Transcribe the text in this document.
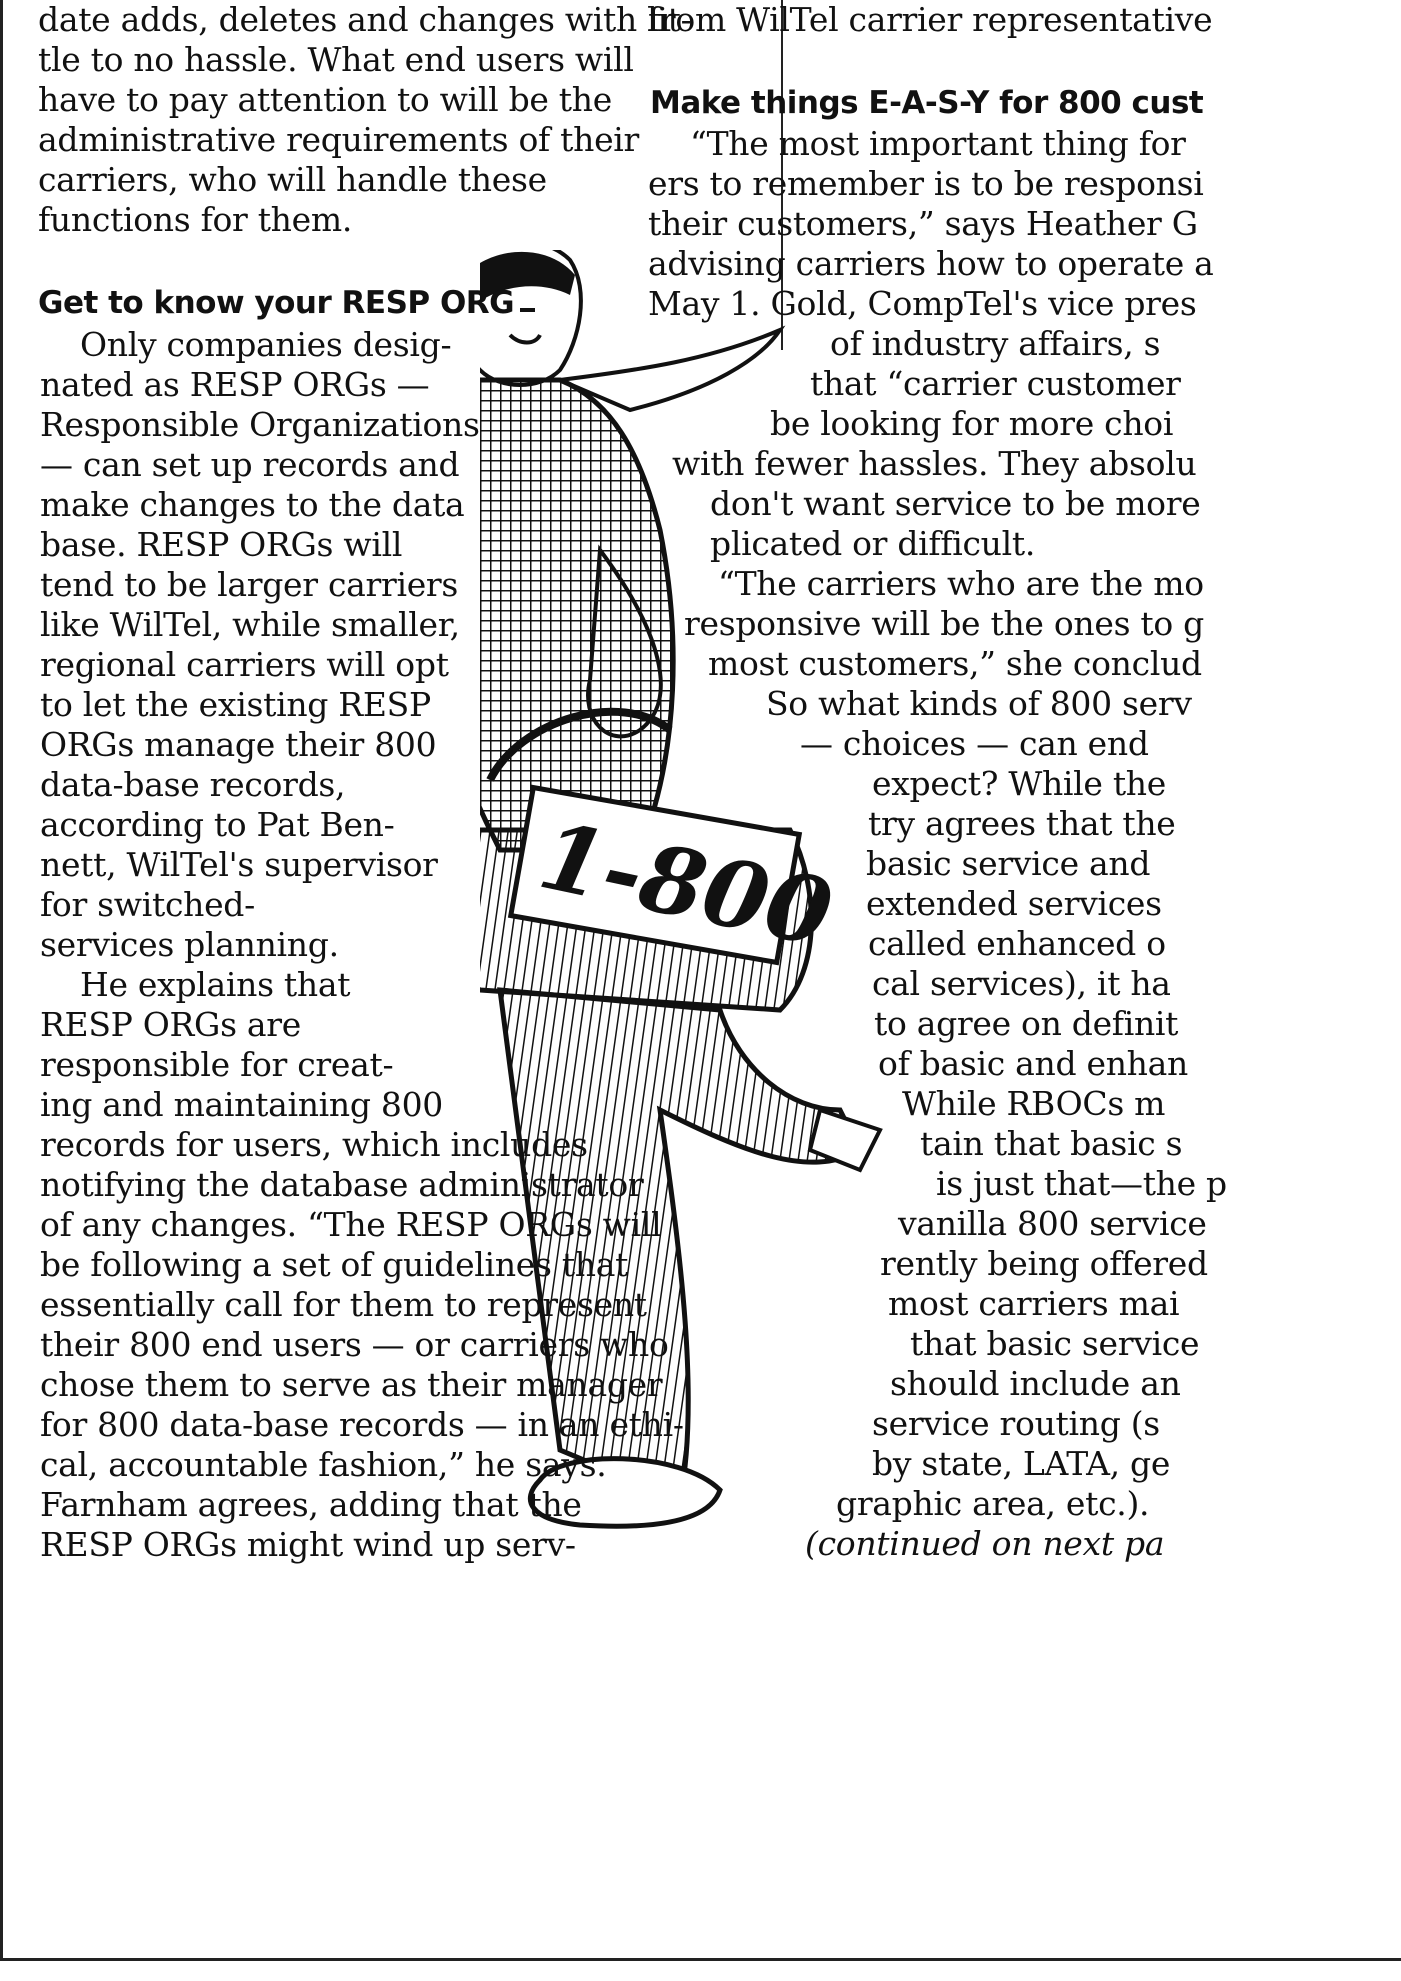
1-800
date adds, deletes and changes with lit-
tle to no hassle. What end users will
have to pay attention to will be the
administrative requirements of their
carriers, who will handle these
functions for them.
Get to know your RESP ORG
Only companies desig-
nated as RESP ORGs —
Responsible Organizations
— can set up records and
make changes to the data
base. RESP ORGs will
tend to be larger carriers
like WilTel, while smaller,
regional carriers will opt
to let the existing RESP
ORGs manage their 800
data-base records,
according to Pat Ben-
nett, WilTel's supervisor
for switched-
services planning.
He explains that
RESP ORGs are
responsible for creat-
ing and maintaining 800
records for users, which includes
notifying the database administrator
of any changes. “The RESP ORGs will
be following a set of guidelines that
essentially call for them to represent
their 800 end users — or carriers who
chose them to serve as their manager
for 800 data-base records — in an ethi-
cal, accountable fashion,” he says.
Farnham agrees, adding that the
RESP ORGs might wind up serv-
from WilTel carrier representative
Make things E-A-S-Y for 800 cust
“The most important thing for
ers to remember is to be responsi
their customers,” says Heather G
advising carriers how to operate a
May 1. Gold, CompTel's vice pres
of industry affairs, s
that “carrier customer
be looking for more choi
with fewer hassles. They absolu
don't want service to be more
plicated or difficult.
“The carriers who are the mo
responsive will be the ones to g
most customers,” she conclud
So what kinds of 800 serv
— choices — can end
expect? While the
try agrees that the
basic service and
extended services
called enhanced o
cal services), it ha
to agree on definit
of basic and enhan
While RBOCs m
tain that basic s
is just that—the p
vanilla 800 service
rently being offered
most carriers mai
that basic service
should include an
service routing (s
by state, LATA, ge
graphic area, etc.).
(continued on next pa
